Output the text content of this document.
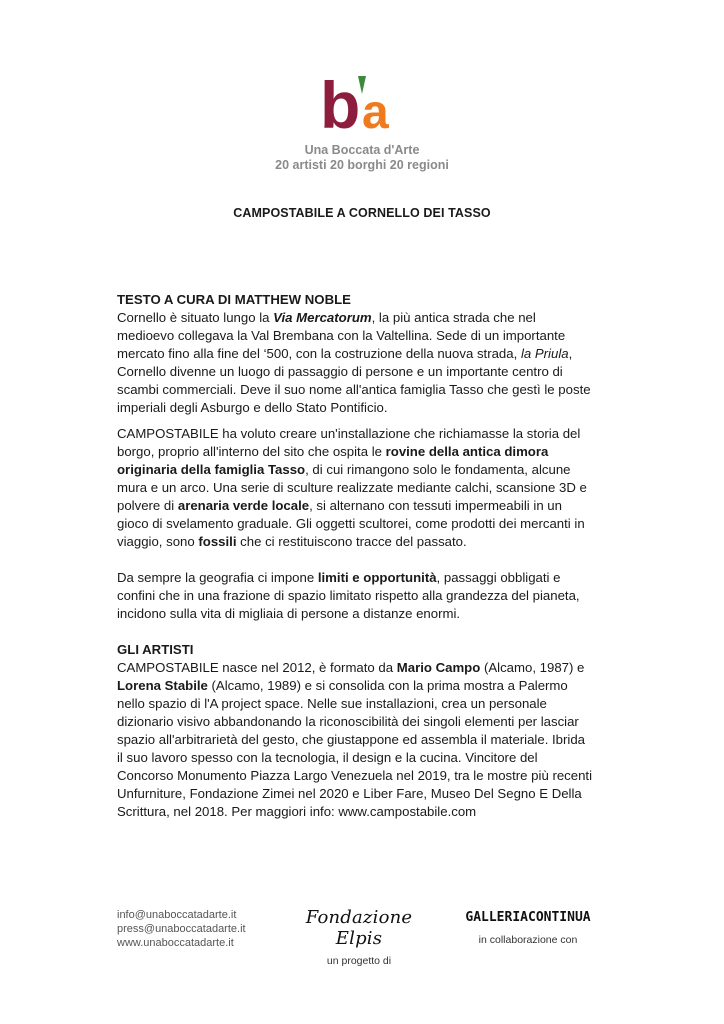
b a
Una Boccata d'Arte
20 artisti 20 borghi 20 regioni
CAMPOSTABILE A CORNELLO DEI TASSO

TESTO A CURA DI MATTHEW NOBLE

Cornello è situato lungo la Via Mercatorum, la più antica strada che nel medioevo collegava la Val Brembana con la Valtellina. Sede di un importante mercato fino alla fine del ‘500, con la costruzione della nuova strada, la Priula, Cornello divenne un luogo di passaggio di persone e un importante centro di scambi commerciali. Deve il suo nome all'antica famiglia Tasso che gestì le poste imperiali degli Asburgo e dello Stato Pontificio.

CAMPOSTABILE ha voluto creare un'installazione che richiamasse la storia del borgo, proprio all'interno del sito che ospita le rovine della antica dimora originaria della famiglia Tasso, di cui rimangono solo le fondamenta, alcune mura e un arco. Una serie di sculture realizzate mediante calchi, scansione 3D e polvere di arenaria verde locale, si alternano con tessuti impermeabili in un gioco di svelamento graduale. Gli oggetti scultorei, come prodotti dei mercanti in viaggio, sono fossili che ci restituiscono tracce del passato.

Da sempre la geografia ci impone limiti e opportunità, passaggi obbligati e confini che in una frazione di spazio limitato rispetto alla grandezza del pianeta, incidono sulla vita di migliaia di persone a distanze enormi.

GLI ARTISTI

CAMPOSTABILE nasce nel 2012, è formato da Mario Campo (Alcamo, 1987) e Lorena Stabile (Alcamo, 1989) e si consolida con la prima mostra a Palermo nello spazio di l'A project space. Nelle sue installazioni, crea un personale dizionario visivo abbandonando la riconoscibilità dei singoli elementi per lasciar spazio all'arbitrarietà del gesto, che giustappone ed assembla il materiale. Ibrida il suo lavoro spesso con la tecnologia, il design e la cucina. Vincitore del Concorso Monumento Piazza Largo Venezuela nel 2019, tra le mostre più recenti Unfurniture, Fondazione Zimei nel 2020 e Liber Fare, Museo Del Segno E Della Scrittura, nel 2018. Per maggiori info: www.campostabile.com

info@unaboccatadarte.it
press@unaboccatadarte.it
www.unaboccatadarte.it
Fondazione Elpis
un progetto di
GALLERIACONTINUA
in collaborazione con
